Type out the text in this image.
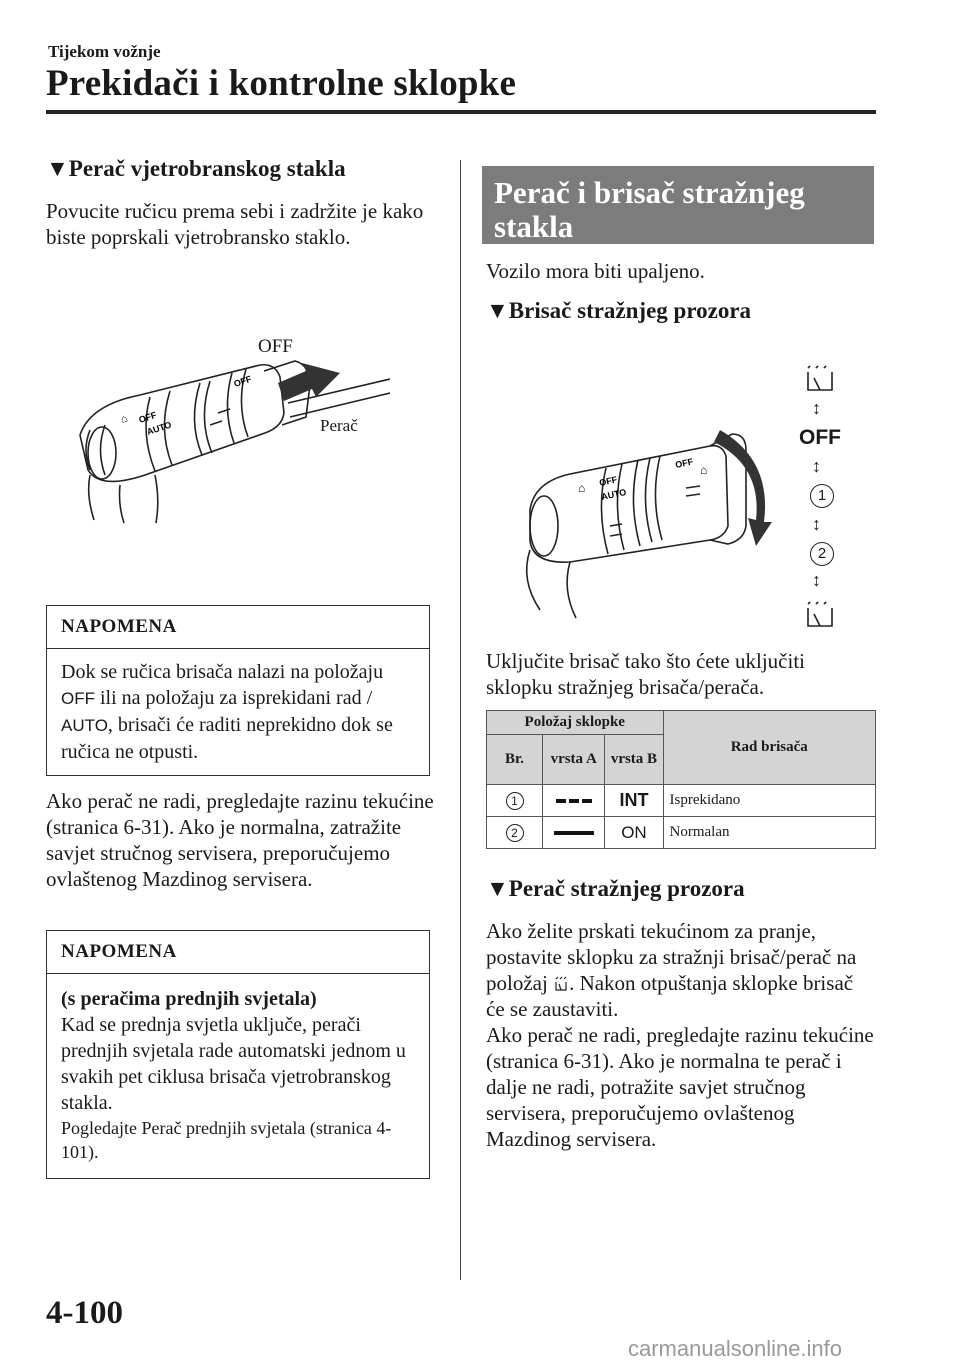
Tijekom vožnje
Prekidači i kontrolne sklopke
▼Perač vjetrobranskog stakla
Povucite ručicu prema sebi i zadržite je kako biste poprskali vjetrobransko staklo.
⌂ OFF
AUTO
OFF
OFF
Perač
NAPOMENA
Dok se ručica brisača nalazi na položaju OFF ili na položaju za isprekidani rad / AUTO, brisači će raditi neprekidno dok se ručica ne otpusti.
Ako perač ne radi, pregledajte razinu tekućine (stranica 6-31). Ako je normalna, zatražite savjet stručnog servisera, preporučujemo ovlaštenog Mazdinog servisera.
NAPOMENA
(s peračima prednjih svjetala)
Kad se prednja svjetla uključe, perači prednjih svjetala rade automatski jednom u svakih pet ciklusa brisača vjetrobranskog stakla.
Pogledajte Perač prednjih svjetala (stranica 4-101).
Perač i brisač stražnjeg stakla
Vozilo mora biti upaljeno.
▼Brisač stražnjeg prozora
⌂ OFF
AUTO
OFF ⌂
↕
OFF
↕
1
↕
2
↕
Uključite brisač tako što ćete uključiti sklopku stražnjeg brisača/perača.
Položaj sklopke			Rad brisača
Br.	vrsta A	vrsta B	
1		INT	Isprekidano
2		ON	Normalan
▼Perač stražnjeg prozora
Ako želite prskati tekućinom za pranje, postavite sklopku za stražnji brisač/perač na položaj . Nakon otpuštanja sklopke brisač će se zaustaviti.
Ako perač ne radi, pregledajte razinu tekućine (stranica 6-31). Ako je normalna te perač i dalje ne radi, potražite savjet stručnog servisera, preporučujemo ovlaštenog Mazdinog servisera.
4-100
carmanualsonline.info
